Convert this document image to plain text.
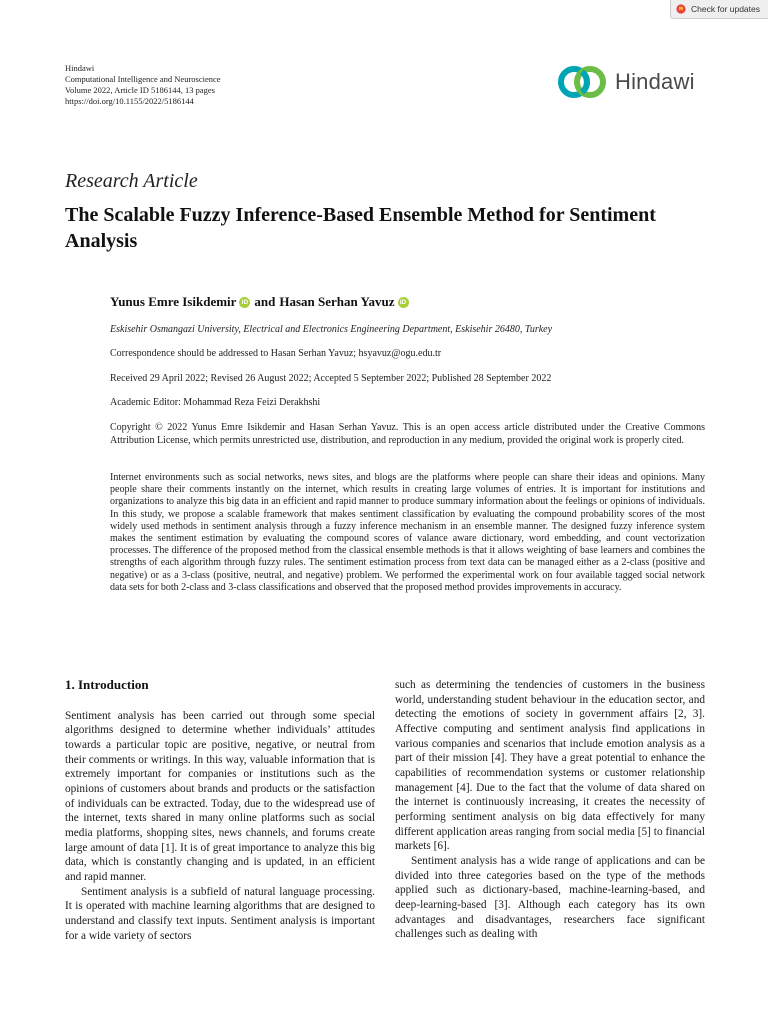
Check for updates
Hindawi
Computational Intelligence and Neuroscience
Volume 2022, Article ID 5186144, 13 pages
https://doi.org/10.1155/2022/5186144
Hindawi
Research Article
The Scalable Fuzzy Inference-Based Ensemble Method for Sentiment Analysis
Yunus Emre Isikdemir iD and Hasan Serhan Yavuz iD

Eskisehir Osmangazi University, Electrical and Electronics Engineering Department, Eskisehir 26480, Turkey

Correspondence should be addressed to Hasan Serhan Yavuz; hsyavuz@ogu.edu.tr

Received 29 April 2022; Revised 26 August 2022; Accepted 5 September 2022; Published 28 September 2022

Academic Editor: Mohammad Reza Feizi Derakhshi

Copyright © 2022 Yunus Emre Isikdemir and Hasan Serhan Yavuz. This is an open access article distributed under the Creative Commons Attribution License, which permits unrestricted use, distribution, and reproduction in any medium, provided the original work is properly cited.

Internet environments such as social networks, news sites, and blogs are the platforms where people can share their ideas and opinions. Many people share their comments instantly on the internet, which results in creating large volumes of entries. It is important for institutions and organizations to analyze this big data in an efficient and rapid manner to produce summary information about the feelings or opinions of individuals. In this study, we propose a scalable framework that makes sentiment classification by evaluating the compound probability scores of the most widely used methods in sentiment analysis through a fuzzy inference mechanism in an ensemble manner. The designed fuzzy inference system makes the sentiment estimation by evaluating the compound scores of valance aware dictionary, word embedding, and count vectorization processes. The difference of the proposed method from the classical ensemble methods is that it allows weighting of base learners and combines the strengths of each algorithm through fuzzy rules. The sentiment estimation process from text data can be managed either as a 2-class (positive and negative) or as a 3-class (positive, neutral, and negative) problem. We performed the experimental work on four available tagged social network data sets for both 2-class and 3-class classifications and observed that the proposed method provides improvements in accuracy.

1. Introduction

Sentiment analysis has been carried out through some special algorithms designed to determine whether individuals’ attitudes towards a particular topic are positive, negative, or neutral from their comments or writings. In this way, valuable information that is extremely important for companies or institutions such as the opinions of customers about brands and products or the satisfaction of individuals can be extracted. Today, due to the widespread use of the internet, texts shared in many online platforms such as social media platforms, shopping sites, news channels, and forums create large amount of data [1]. It is of great importance to analyze this big data, which is constantly changing and is updated, in an efficient and rapid manner.

Sentiment analysis is a subfield of natural language processing. It is operated with machine learning algorithms that are designed to understand and classify text inputs. Sentiment analysis is important for a wide variety of sectors

such as determining the tendencies of customers in the business world, understanding student behaviour in the education sector, and detecting the emotions of society in government affairs [2, 3]. Affective computing and sentiment analysis find applications in various companies and scenarios that include emotion analysis as a part of their mission [4]. They have a great potential to enhance the capabilities of recommendation systems or customer relationship management [4]. Due to the fact that the volume of data shared on the internet is continuously increasing, it creates the necessity of performing sentiment analysis on big data effectively for many different application areas ranging from social media [5] to financial markets [6].

Sentiment analysis has a wide range of applications and can be divided into three categories based on the type of the methods applied such as dictionary-based, machine-learning-based, and deep-learning-based [3]. Although each category has its own advantages and disadvantages, researchers face significant challenges such as dealing with
